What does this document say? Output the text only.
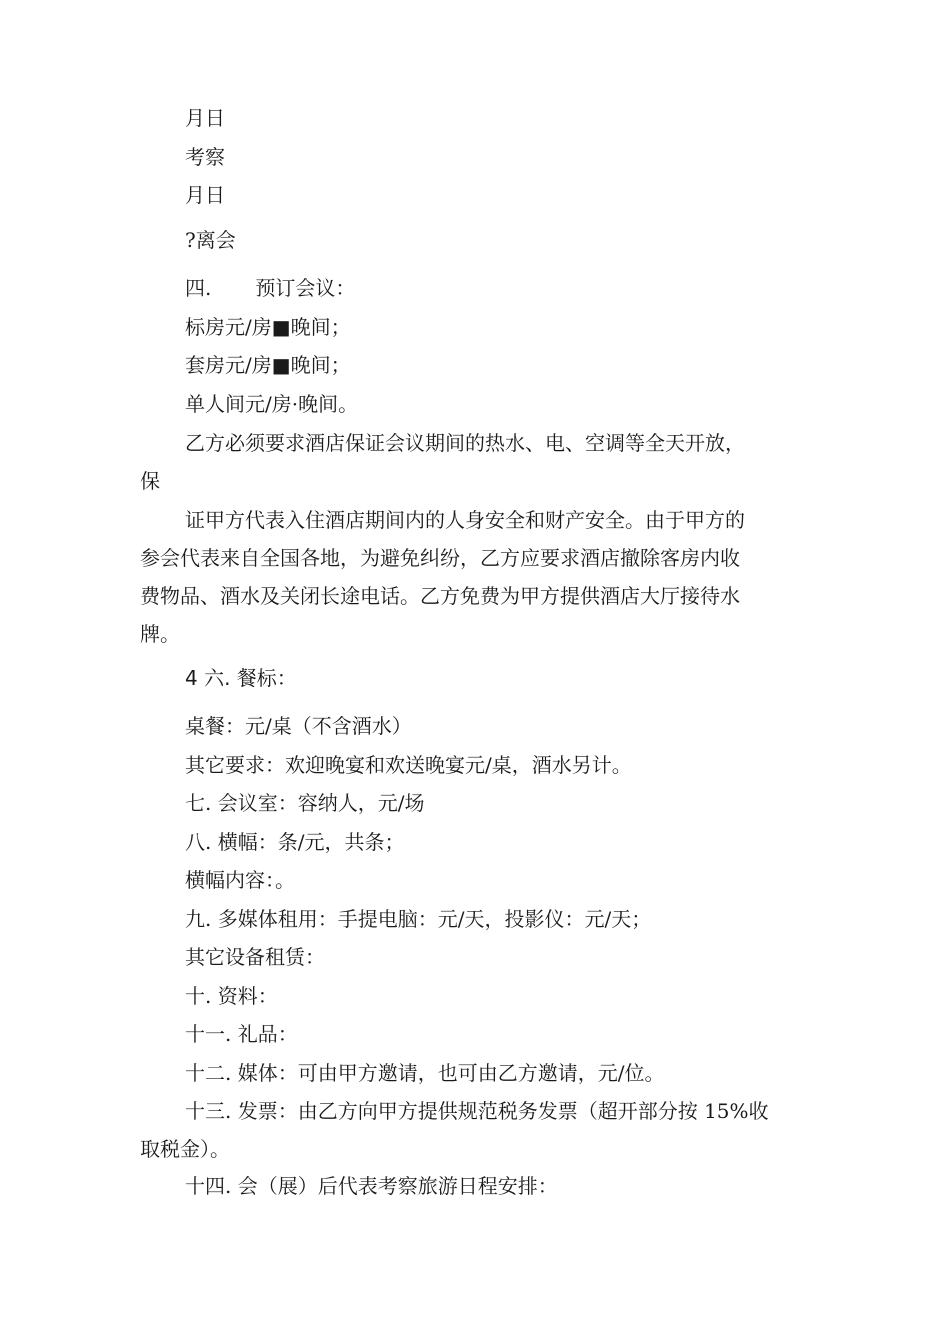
月日
考察
月日
?离会
四. 预订会议：
标房元/房■晚间；
套房元/房■晚间；
单人间元/房·晚间。
乙方必须要求酒店保证会议期间的热水、电、空调等全天开放，
保
证甲方代表入住酒店期间内的人身安全和财产安全。由于甲方的
参会代表来自全国各地，为避免纠纷，乙方应要求酒店撤除客房内收
费物品、酒水及关闭长途电话。乙方免费为甲方提供酒店大厅接待水
牌。
4 六. 餐标：
桌餐：元/桌（不含酒水）
其它要求：欢迎晚宴和欢送晚宴元/桌，酒水另计。
七. 会议室：容纳人，元/场
八. 横幅：条/元，共条；
横幅内容：。
九. 多媒体租用：手提电脑：元/天，投影仪：元/天；
其它设备租赁：
十. 资料：
十一. 礼品：
十二. 媒体：可由甲方邀请，也可由乙方邀请，元/位。
十三. 发票：由乙方向甲方提供规范税务发票（超开部分按 15%收
取税金）。
十四. 会（展）后代表考察旅游日程安排：
